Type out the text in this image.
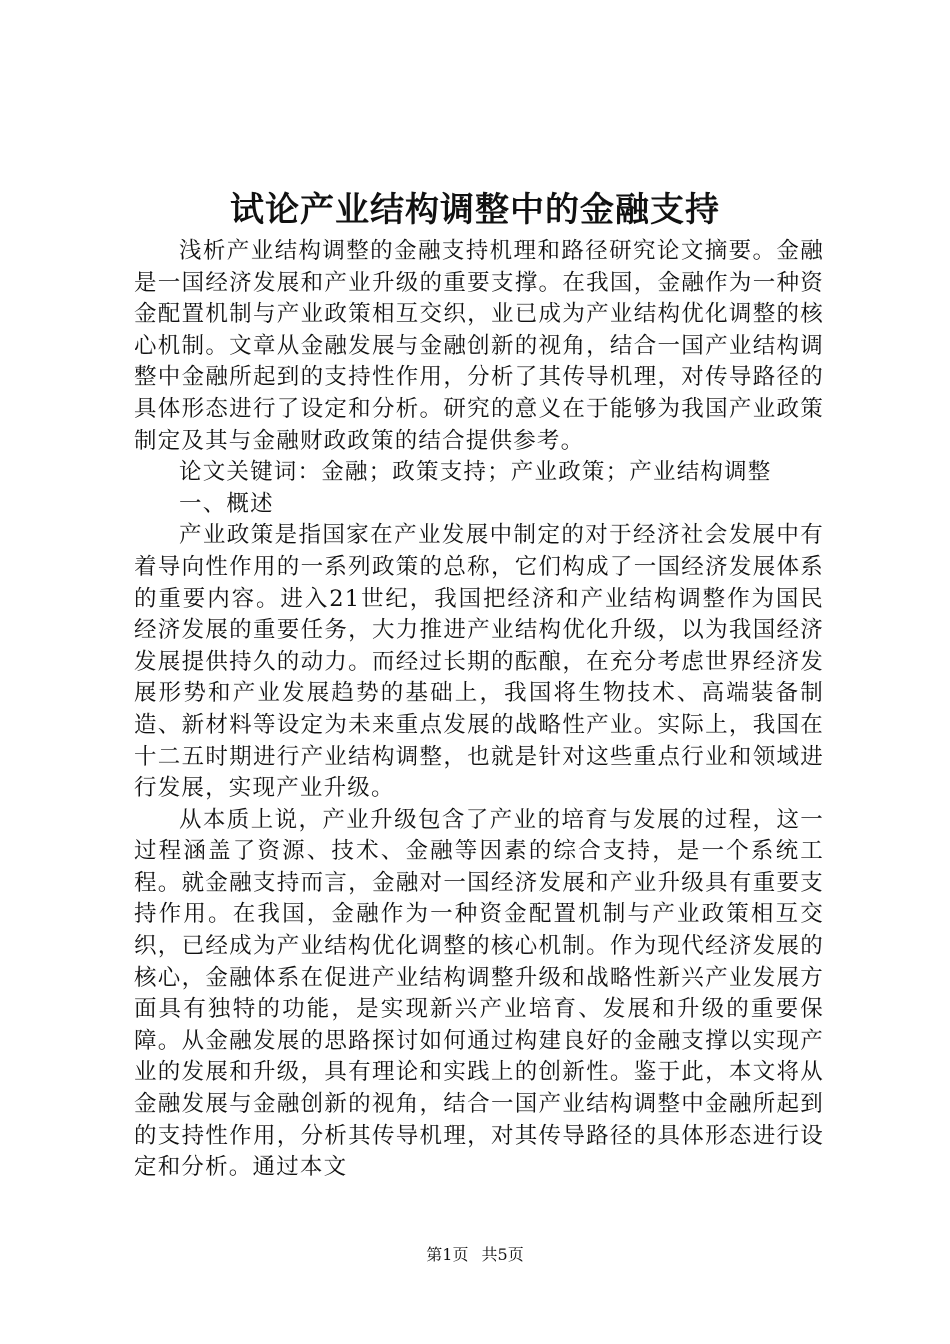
试论产业结构调整中的金融支持

浅析产业结构调整的金融支持机理和路径研究论文摘要。金融是一国经济发展和产业升级的重要支撑。在我国，金融作为一种资金配置机制与产业政策相互交织，业已成为产业结构优化调整的核心机制。文章从金融发展与金融创新的视角，结合一国产业结构调整中金融所起到的支持性作用，分析了其传导机理，对传导路径的具体形态进行了设定和分析。研究的意义在于能够为我国产业政策制定及其与金融财政政策的结合提供参考。

论文关键词：金融；政策支持；产业政策；产业结构调整

一、概述

产业政策是指国家在产业发展中制定的对于经济社会发展中有着导向性作用的一系列政策的总称，它们构成了一国经济发展体系的重要内容。进入21世纪，我国把经济和产业结构调整作为国民经济发展的重要任务，大力推进产业结构优化升级，以为我国经济发展提供持久的动力。而经过长期的酝酿，在充分考虑世界经济发展形势和产业发展趋势的基础上，我国将生物技术、高端装备制造、新材料等设定为未来重点发展的战略性产业。实际上，我国在十二五时期进行产业结构调整，也就是针对这些重点行业和领域进行发展，实现产业升级。

从本质上说，产业升级包含了产业的培育与发展的过程，这一过程涵盖了资源、技术、金融等因素的综合支持，是一个系统工程。就金融支持而言，金融对一国经济发展和产业升级具有重要支持作用。在我国，金融作为一种资金配置机制与产业政策相互交织，已经成为产业结构优化调整的核心机制。作为现代经济发展的核心，金融体系在促进产业结构调整升级和战略性新兴产业发展方面具有独特的功能，是实现新兴产业培育、发展和升级的重要保障。从金融发展的思路探讨如何通过构建良好的金融支撑以实现产业的发展和升级，具有理论和实践上的创新性。鉴于此，本文将从金融发展与金融创新的视角，结合一国产业结构调整中金融所起到的支持性作用，分析其传导机理，对其传导路径的具体形态进行设定和分析。通过本文

第1页 共5页
